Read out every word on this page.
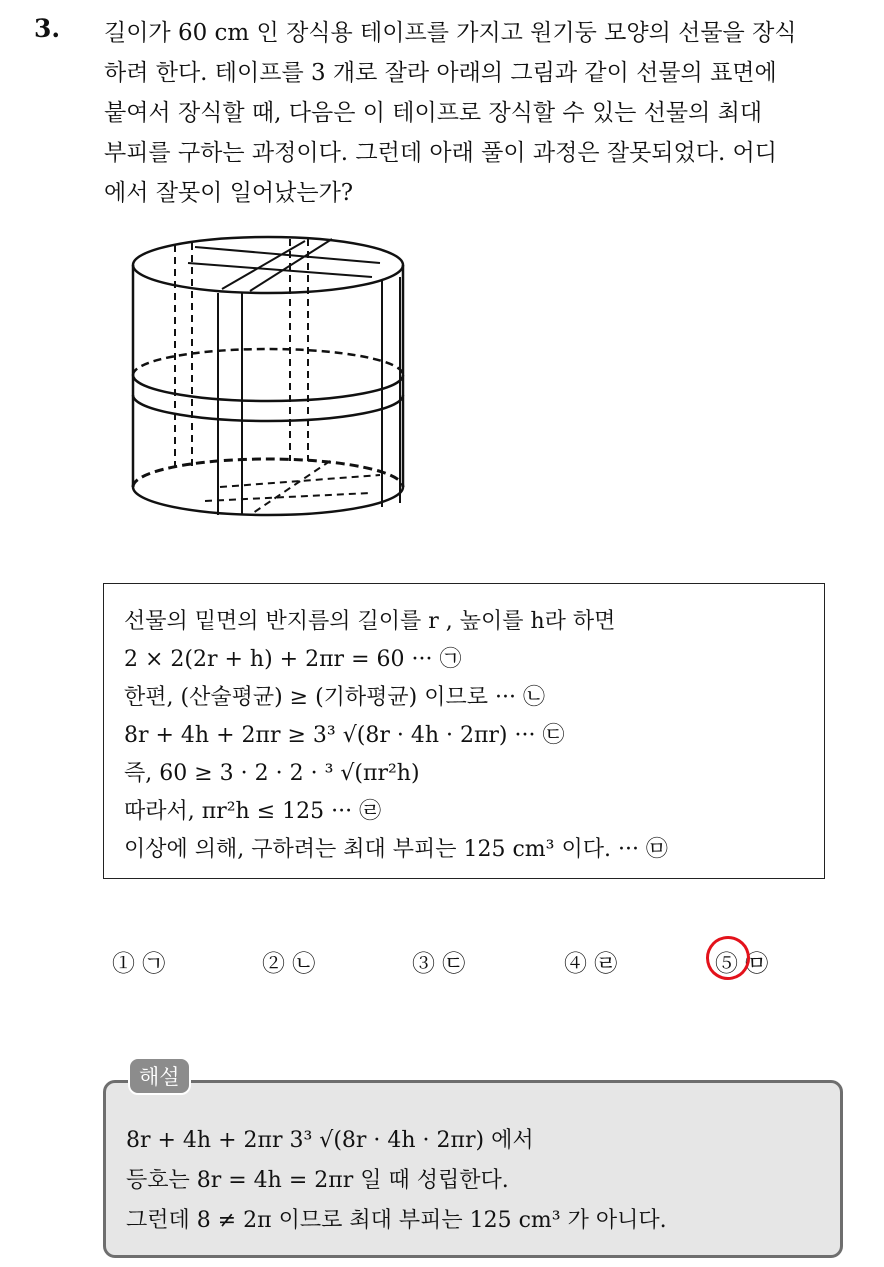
3. 길이가 60 cm 인 장식용 테이프를 가지고 원기둥 모양의 선물을 장식
하려 한다. 테이프를 3 개로 잘라 아래의 그림과 같이 선물의 표면에
붙여서 장식할 때, 다음은 이 테이프로 장식할 수 있는 선물의 최대
부피를 구하는 과정이다. 그런데 아래 풀이 과정은 잘못되었다. 어디
에서 잘못이 일어났는가?
선물의 밑면의 반지름의 길이를 r , 높이를 h라 하면
2 × 2(2r + h) + 2πr = 60 ··· ㉠
한편, (산술평균) ≥ (기하평균) 이므로 ··· ㉡
8r + 4h + 2πr ≥ 3³ √(8r · 4h · 2πr) ··· ㉢
즉, 60 ≥ 3 · 2 · 2 · ³ √(πr²h)
따라서, πr²h ≤ 125 ··· ㉣
이상에 의해, 구하려는 최대 부피는 125 cm³ 이다. ··· ㉤
① ㉠	② ㉡	③ ㉢	④ ㉣	⑤ ㉤
8r + 4h + 2πr 3³ √(8r · 4h · 2πr) 에서
등호는 8r = 4h = 2πr 일 때 성립한다.
그런데 8 ≠ 2π 이므로 최대 부피는 125 cm³ 가 아니다.
해설
